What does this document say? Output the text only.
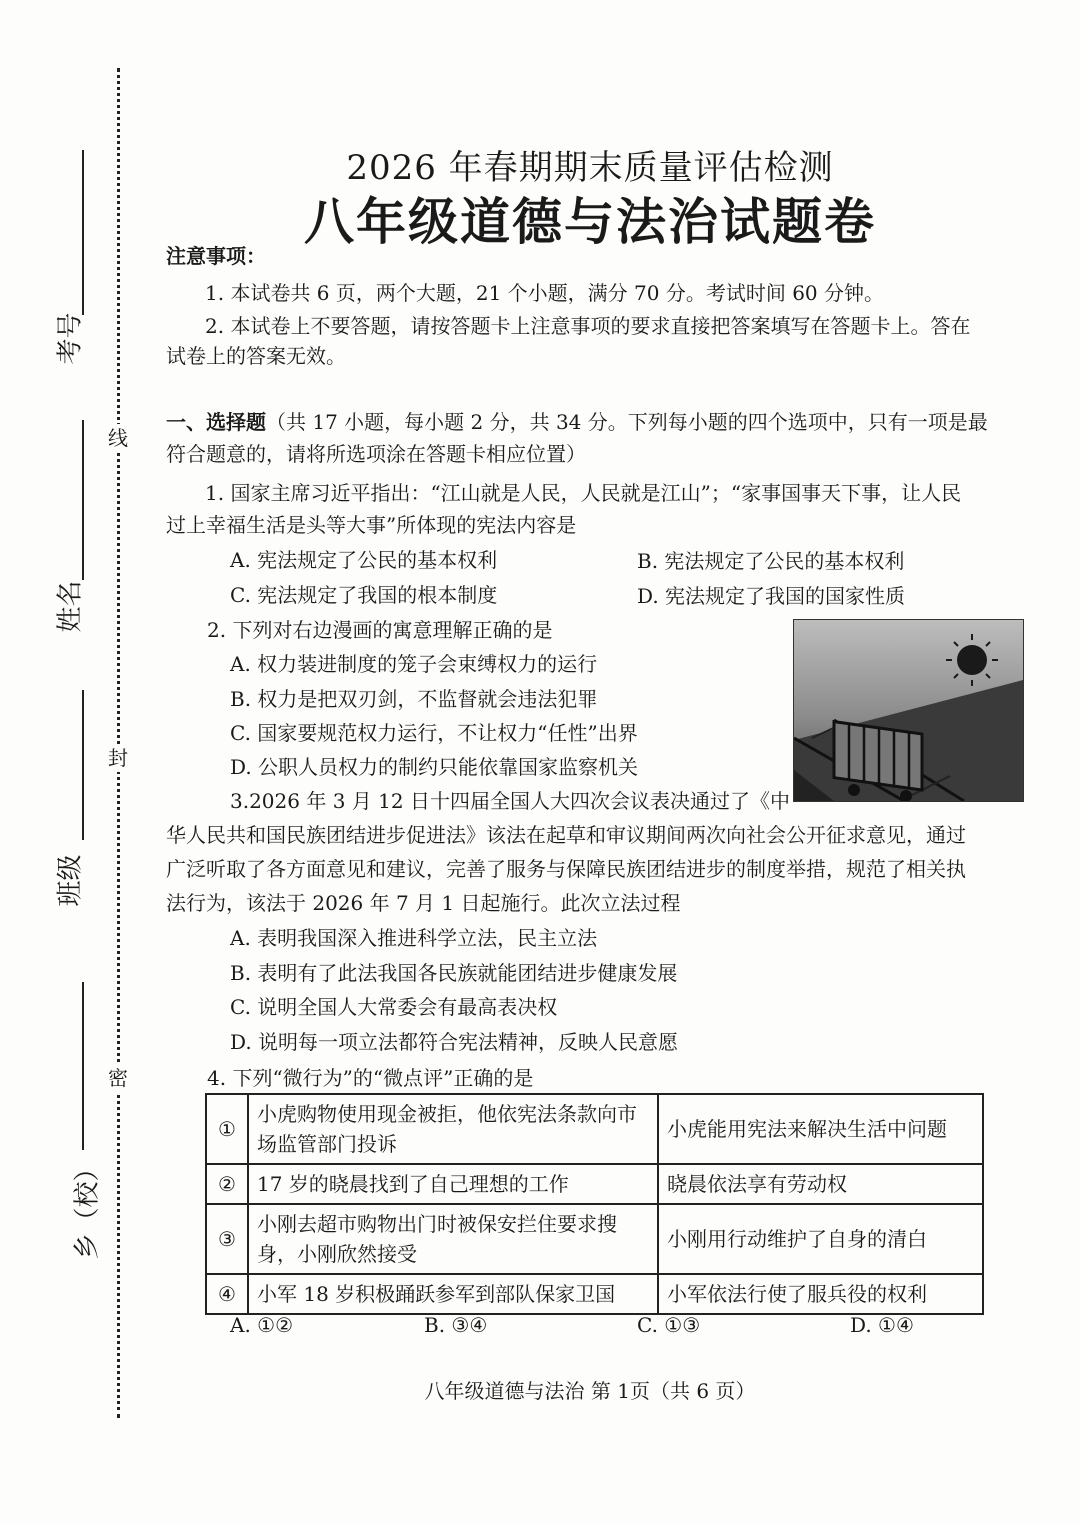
线
封
密
考号
姓名
班级
乡（校）
2026 年春期期末质量评估检测
八年级道德与法治试题卷
注意事项：
1. 本试卷共 6 页，两个大题，21 个小题，满分 70 分。考试时间 60 分钟。
2. 本试卷上不要答题，请按答题卡上注意事项的要求直接把答案填写在答题卡上。答在
试卷上的答案无效。
一、选择题（共 17 小题，每小题 2 分，共 34 分。下列每小题的四个选项中，只有一项是最
符合题意的，请将所选项涂在答题卡相应位置）
1. 国家主席习近平指出：“江山就是人民，人民就是江山”；“家事国事天下事，让人民
过上幸福生活是头等大事”所体现的宪法内容是
A. 宪法规定了公民的基本权利	B. 宪法规定了公民的基本权利
C. 宪法规定了我国的根本制度	D. 宪法规定了我国的国家性质
2. 下列对右边漫画的寓意理解正确的是
A. 权力装进制度的笼子会束缚权力的运行
B. 权力是把双刃剑，不监督就会违法犯罪
C. 国家要规范权力运行，不让权力“任性”出界
D. 公职人员权力的制约只能依靠国家监察机关
3.2026 年 3 月 12 日十四届全国人大四次会议表决通过了《中
华人民共和国民族团结进步促进法》该法在起草和审议期间两次向社会公开征求意见，通过
广泛听取了各方面意见和建议，完善了服务与保障民族团结进步的制度举措，规范了相关执
法行为，该法于 2026 年 7 月 1 日起施行。此次立法过程
A. 表明我国深入推进科学立法，民主立法
B. 表明有了此法我国各民族就能团结进步健康发展
C. 说明全国人大常委会有最高表决权
D. 说明每一项立法都符合宪法精神，反映人民意愿
4. 下列“微行为”的“微点评”正确的是
①	小虎购物使用现金被拒，他依宪法条款向市场监管部门投诉	小虎能用宪法来解决生活中问题
②	17 岁的晓晨找到了自己理想的工作	晓晨依法享有劳动权
③	小刚去超市购物出门时被保安拦住要求搜身，小刚欣然接受	小刚用行动维护了自身的清白
④	小军 18 岁积极踊跃参军到部队保家卫国	小军依法行使了服兵役的权利
A. ①②	B. ③④	C. ①③	D. ①④
八年级道德与法治 第 1页（共 6 页）
